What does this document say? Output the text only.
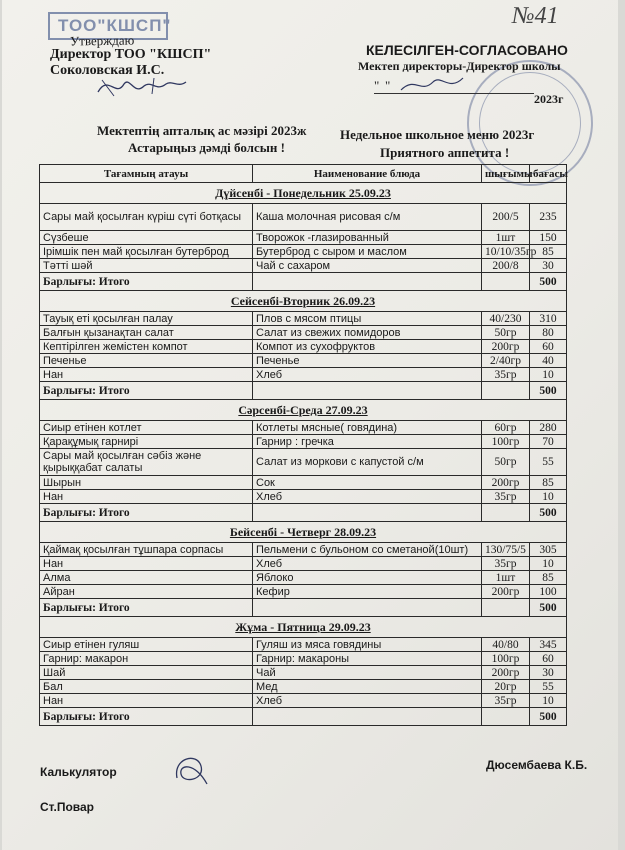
ТОО"КШСП"
Утверждаю
Директор ТОО "КШСП"
Соколовская И.С.
№41
КЕЛЕСІЛГЕН-СОГЛАСОВАНО
Мектеп директоры-Директор школы
" "
2023г
Мектептің апталық ас мәзірі 2023ж
Астарыңыз дәмді болсын !
Недельное школьное меню 2023г
Приятного аппетита !
Тағамның атауы	Наименование блюда	шығымы	бағасы
Дүйсенбі - Понедельник 25.09.23			
Сары май қосылған күріш сүті ботқасы	Каша молочная рисовая с/м	200/5	235
Сүзбеше	Творожок -глазированный	1шт	150
Ірімшік пен май қосылған бутерброд	Бутерброд с сыром и маслом	10/10/35гр	85
Тәтті шәй	Чай с сахаром	200/8	30
Барлығы: Итого			500
Сейсенбі-Вторник 26.09.23			
Тауық еті қосылған палау	Плов с мясом птицы	40/230	310
Балғын қызанақтан салат	Салат из свежих помидоров	50гр	80
Кептірілген жемістен компот	Компот из сухофруктов	200гр	60
Печенье	Печенье	2/40гр	40
Нан	Хлеб	35гр	10
Барлығы: Итого			500
Сәрсенбі-Среда 27.09.23			
Сиыр етінен котлет	Котлеты мясные( говядина)	60гр	280
Қарақұмық гарнирі	Гарнир : гречка	100гр	70
Сары май қосылған сәбіз және қырыққабат салаты	Салат из моркови с капустой с/м	50гр	55
Шырын	Сок	200гр	85
Нан	Хлеб	35гр	10
Барлығы: Итого			500
Бейсенбі - Четверг 28.09.23			
Қаймақ қосылған тұшпара сорпасы	Пельмени с бульоном со сметаной(10шт)	130/75/5	305
Нан	Хлеб	35гр	10
Алма	Яблоко	1шт	85
Айран	Кефир	200гр	100
Барлығы: Итого			500
Жұма - Пятница 29.09.23			
Сиыр етінен гуляш	Гуляш из мяса говядины	40/80	345
Гарнир: макарон	Гарнир: макароны	100гр	60
Шай	Чай	200гр	30
Бал	Мед	20гр	55
Нан	Хлеб	35гр	10
Барлығы: Итого			500
Калькулятор
Ст.Повар
Дюсембаева К.Б.
